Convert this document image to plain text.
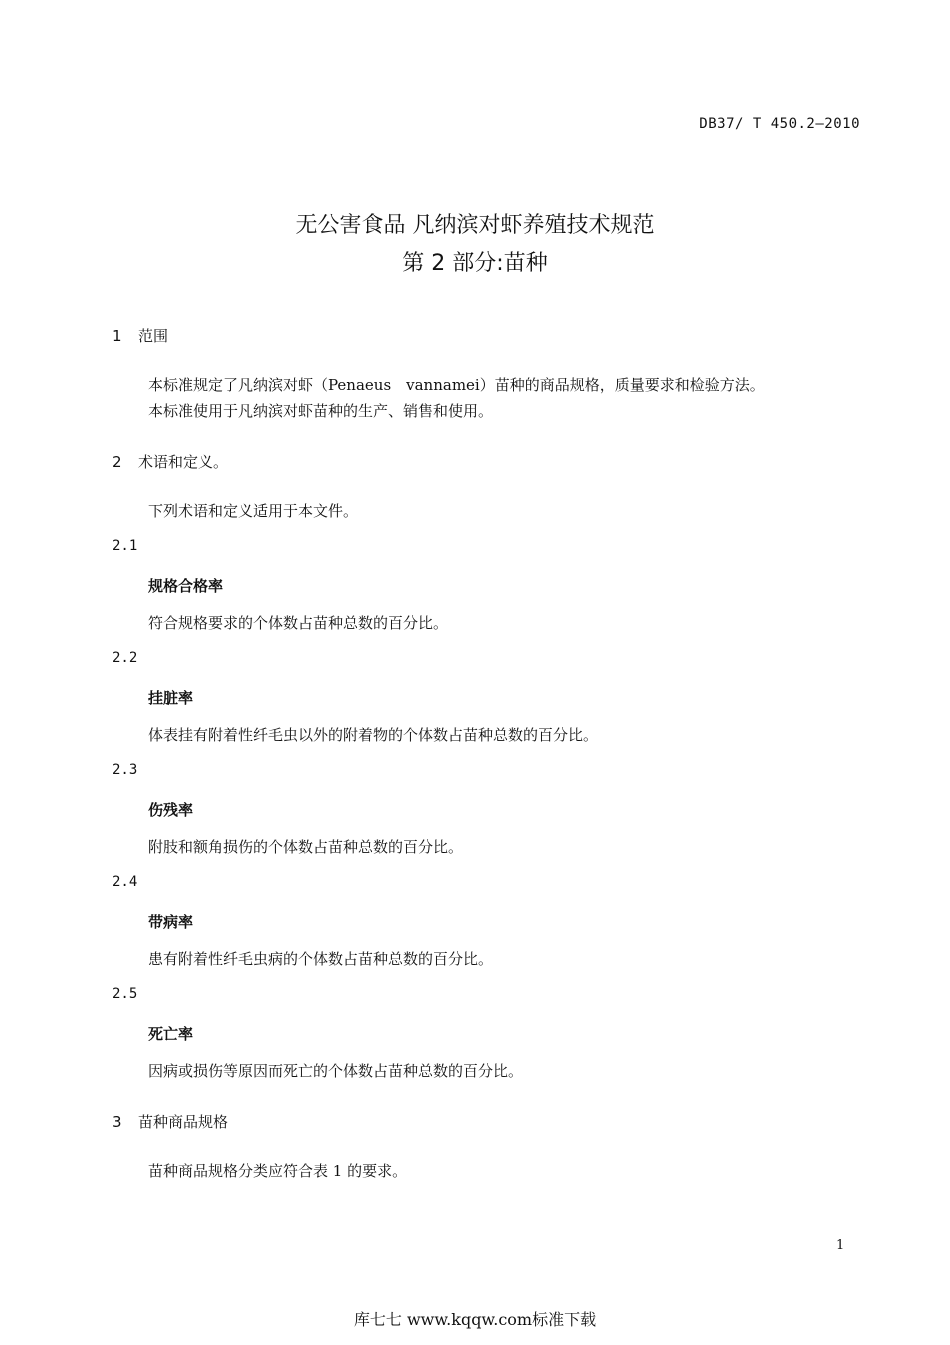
DB37/ T 450.2—2010
无公害食品 凡纳滨对虾养殖技术规范
第 2 部分:苗种
1 范围
本标准规定了凡纳滨对虾（Penaeus　vannamei）苗种的商品规格，质量要求和检验方法。
本标准使用于凡纳滨对虾苗种的生产、销售和使用。
2 术语和定义。
下列术语和定义适用于本文件。
2.1
规格合格率
符合规格要求的个体数占苗种总数的百分比。
2.2
挂脏率
体表挂有附着性纤毛虫以外的附着物的个体数占苗种总数的百分比。
2.3
伤残率
附肢和额角损伤的个体数占苗种总数的百分比。
2.4
带病率
患有附着性纤毛虫病的个体数占苗种总数的百分比。
2.5
死亡率
因病或损伤等原因而死亡的个体数占苗种总数的百分比。
3 苗种商品规格
苗种商品规格分类应符合表 1 的要求。
1
库七七 www.kqqw.com标准下载
